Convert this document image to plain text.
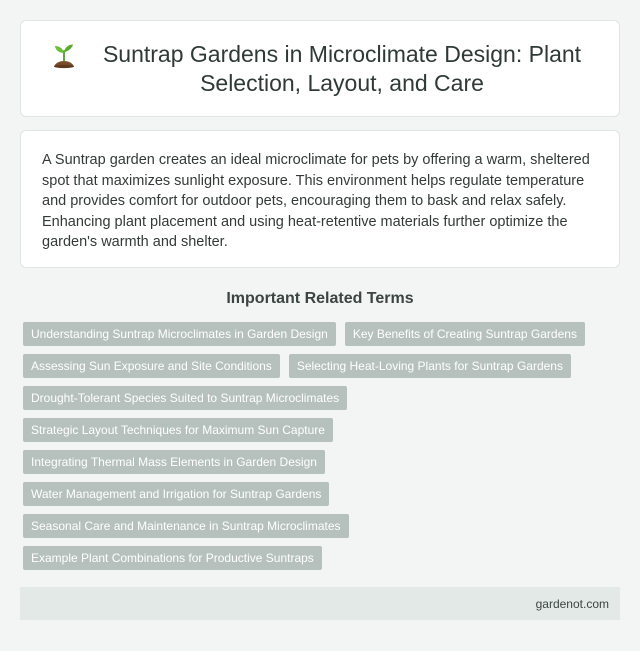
Suntrap Gardens in Microclimate Design: Plant Selection, Layout, and Care

A Suntrap garden creates an ideal microclimate for pets by offering a warm, sheltered spot that maximizes sunlight exposure. This environment helps regulate temperature and provides comfort for outdoor pets, encouraging them to bask and relax safely. Enhancing plant placement and using heat-retentive materials further optimize the garden's warmth and shelter.

Important Related Terms
Understanding Suntrap Microclimates in Garden Design	Key Benefits of Creating Suntrap Gardens
Assessing Sun Exposure and Site Conditions	Selecting Heat-Loving Plants for Suntrap Gardens
Drought-Tolerant Species Suited to Suntrap Microclimates
Strategic Layout Techniques for Maximum Sun Capture
Integrating Thermal Mass Elements in Garden Design
Water Management and Irrigation for Suntrap Gardens
Seasonal Care and Maintenance in Suntrap Microclimates
Example Plant Combinations for Productive Suntraps
gardenot.com
